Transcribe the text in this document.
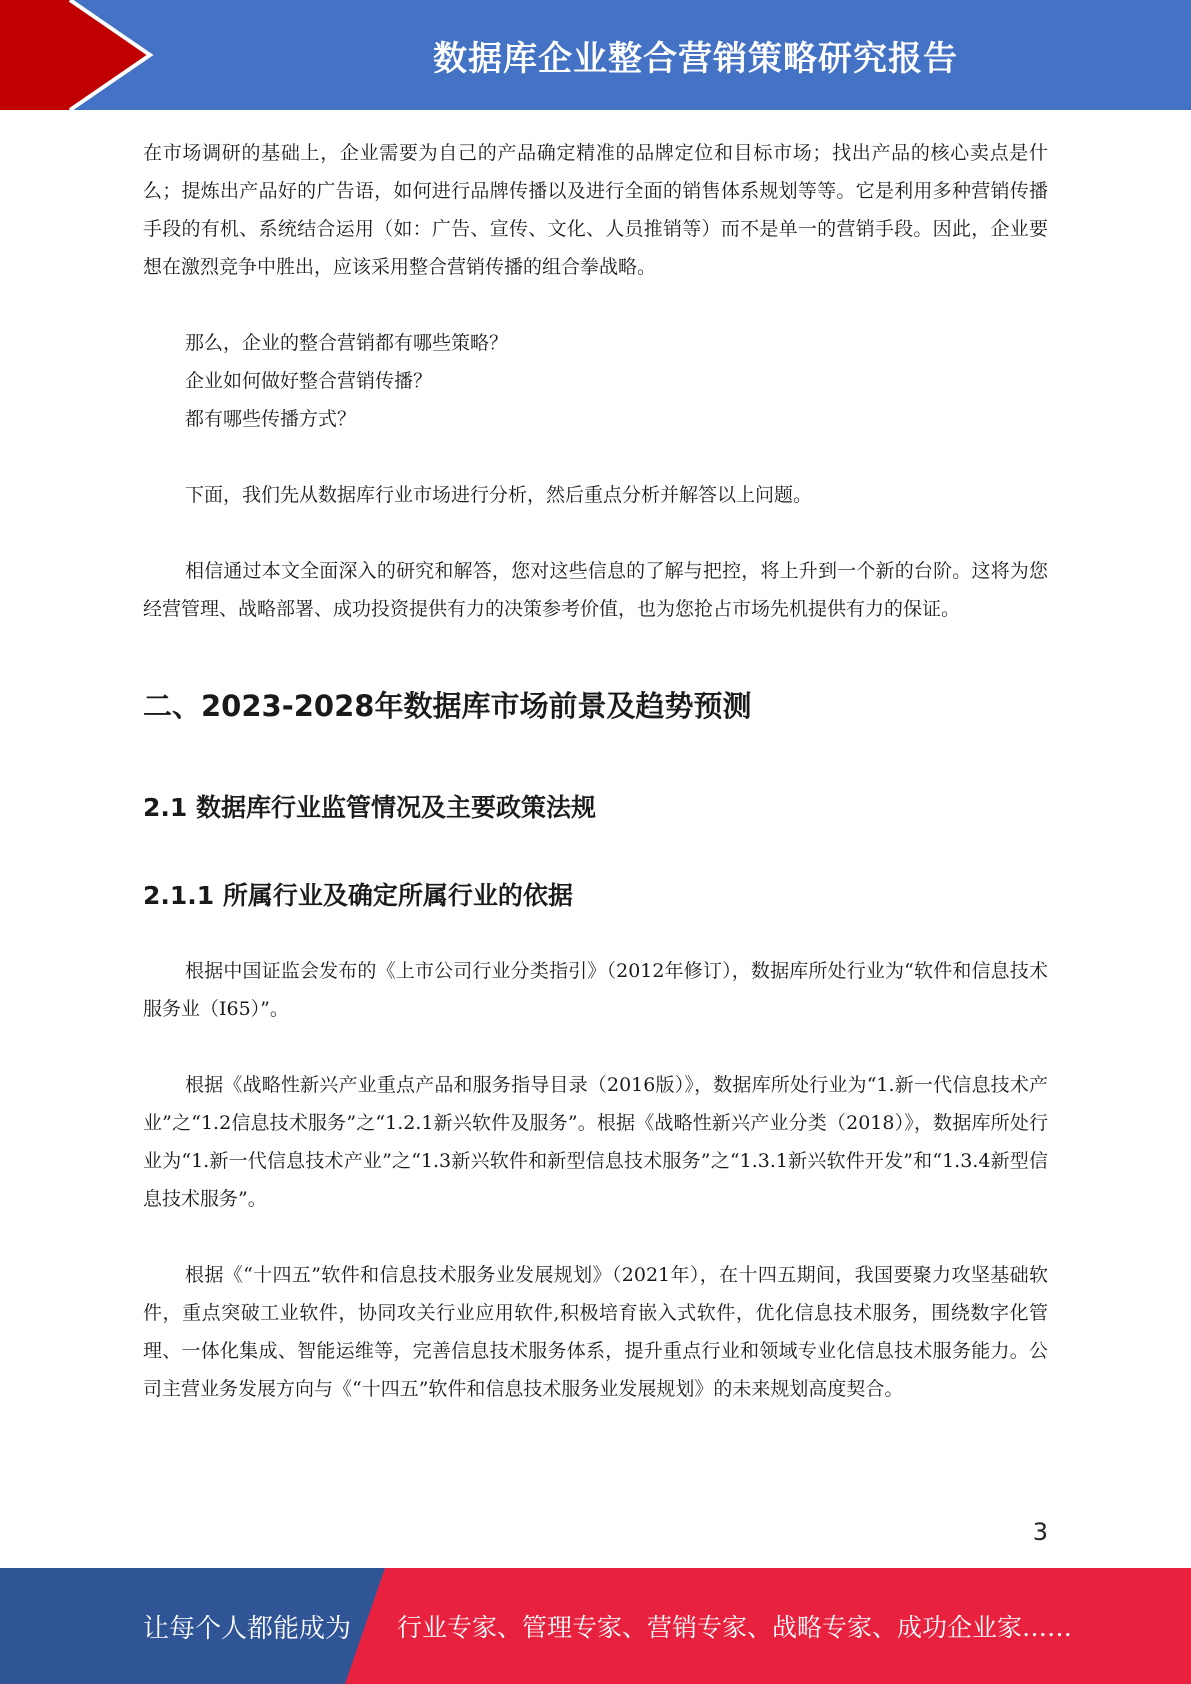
数据库企业整合营销策略研究报告

在市场调研的基础上，企业需要为自己的产品确定精准的品牌定位和目标市场；找出产品的核心卖点是什么；提炼出产品好的广告语，如何进行品牌传播以及进行全面的销售体系规划等等。它是利用多种营销传播手段的有机、系统结合运用（如：广告、宣传、文化、人员推销等）而不是单一的营销手段。因此，企业要想在激烈竞争中胜出，应该采用整合营销传播的组合拳战略。

那么，企业的整合营销都有哪些策略？

企业如何做好整合营销传播？

都有哪些传播方式？

下面，我们先从数据库行业市场进行分析，然后重点分析并解答以上问题。

相信通过本文全面深入的研究和解答，您对这些信息的了解与把控，将上升到一个新的台阶。这将为您经营管理、战略部署、成功投资提供有力的决策参考价值，也为您抢占市场先机提供有力的保证。

二、2023-2028年数据库市场前景及趋势预测
2.1 数据库行业监管情况及主要政策法规
2.1.1 所属行业及确定所属行业的依据

根据中国证监会发布的《上市公司行业分类指引》（2012年修订），数据库所处行业为“软件和信息技术服务业（I65）”。

根据《战略性新兴产业重点产品和服务指导目录（2016版）》，数据库所处行业为“1.新一代信息技术产业”之“1.2信息技术服务”之“1.2.1新兴软件及服务”。根据《战略性新兴产业分类（2018）》，数据库所处行业为“1.新一代信息技术产业”之“1.3新兴软件和新型信息技术服务”之“1.3.1新兴软件开发”和“1.3.4新型信息技术服务”。

根据《“十四五”软件和信息技术服务业发展规划》（2021年），在十四五期间，我国要聚力攻坚基础软件，重点突破工业软件，协同攻关行业应用软件,积极培育嵌入式软件，优化信息技术服务，围绕数字化管理、一体化集成、智能运维等，完善信息技术服务体系，提升重点行业和领域专业化信息技术服务能力。公司主营业务发展方向与《“十四五”软件和信息技术服务业发展规划》的未来规划高度契合。

3
让每个人都能成为 行业专家、管理专家、营销专家、战略专家、成功企业家……
